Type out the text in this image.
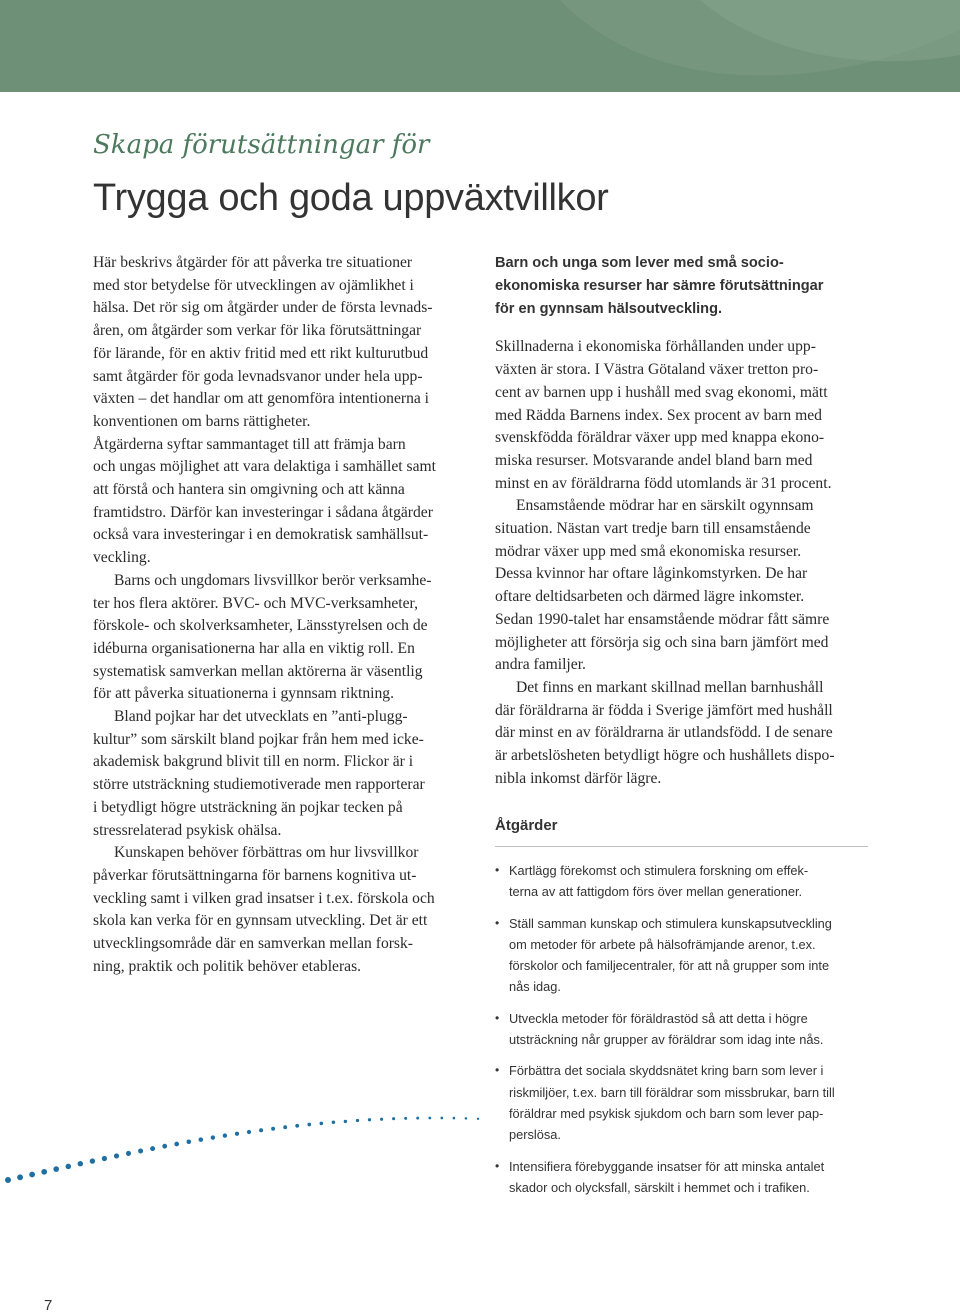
Skapa förutsättningar för
Trygga och goda uppväxtvillkor

Här beskrivs åtgärder för att påverka tre situationer
med stor betydelse för utvecklingen av ojämlikhet i
hälsa. Det rör sig om åtgärder under de första levnads-
åren, om åtgärder som verkar för lika förutsättningar
för lärande, för en aktiv fritid med ett rikt kulturutbud
samt åtgärder för goda levnadsvanor under hela upp-
växten – det handlar om att genomföra intentionerna i
konventionen om barns rättigheter.

Åtgärderna syftar sammantaget till att främja barn
och ungas möjlighet att vara delaktiga i samhället samt
att förstå och hantera sin omgivning och att känna
framtidstro. Därför kan investeringar i sådana åtgärder
också vara investeringar i en demokratisk samhällsut-
veckling.

Barns och ungdomars livsvillkor berör verksamhe-
ter hos flera aktörer. BVC- och MVC-verksamheter,
förskole- och skolverksamheter, Länsstyrelsen och de
idéburna organisationerna har alla en viktig roll. En
systematisk samverkan mellan aktörerna är väsentlig
för att påverka situationerna i gynnsam riktning.

Bland pojkar har det utvecklats en ”anti-plugg-
kultur” som särskilt bland pojkar från hem med icke-
akademisk bakgrund blivit till en norm. Flickor är i
större utsträckning studiemotiverade men rapporterar
i betydligt högre utsträckning än pojkar tecken på
stressrelaterad psykisk ohälsa.

Kunskapen behöver förbättras om hur livsvillkor
påverkar förutsättningarna för barnens kognitiva ut-
veckling samt i vilken grad insatser i t.ex. förskola och
skola kan verka för en gynnsam utveckling. Det är ett
utvecklingsområde där en samverkan mellan forsk-
ning, praktik och politik behöver etableras.

Barn och unga som lever med små socio-
ekonomiska resurser har sämre förutsättningar
för en gynnsam hälsoutveckling.

Skillnaderna i ekonomiska förhållanden under upp-
växten är stora. I Västra Götaland växer tretton pro-
cent av barnen upp i hushåll med svag ekonomi, mätt
med Rädda Barnens index. Sex procent av barn med
svenskfödda föräldrar växer upp med knappa ekono-
miska resurser. Motsvarande andel bland barn med
minst en av föräldrarna född utomlands är 31 procent.

Ensamstående mödrar har en särskilt ogynnsam
situation. Nästan vart tredje barn till ensamstående
mödrar växer upp med små ekonomiska resurser.
Dessa kvinnor har oftare låginkomstyrken. De har
oftare deltidsarbeten och därmed lägre inkomster.
Sedan 1990-talet har ensamstående mödrar fått sämre
möjligheter att försörja sig och sina barn jämfört med
andra familjer.

Det finns en markant skillnad mellan barnhushåll
där föräldrarna är födda i Sverige jämfört med hushåll
där minst en av föräldrarna är utlandsfödd. I de senare
är arbetslösheten betydligt högre och hushållets dispo-
nibla inkomst därför lägre.

Åtgärder
• Kartlägg förekomst och stimulera forskning om effek-
terna av att fattigdom förs över mellan generationer.
• Ställ samman kunskap och stimulera kunskapsutveckling
om metoder för arbete på hälsofrämjande arenor, t.ex.
förskolor och familjecentraler, för att nå grupper som inte
nås idag.
• Utveckla metoder för föräldrastöd så att detta i högre
utsträckning når grupper av föräldrar som idag inte nås.
• Förbättra det sociala skyddsnätet kring barn som lever i
riskmiljöer, t.ex. barn till föräldrar som missbrukar, barn till
föräldrar med psykisk sjukdom och barn som lever pap-
perslösa.
• Intensifiera förebyggande insatser för att minska antalet
skador och olycksfall, särskilt i hemmet och i trafiken.
7
